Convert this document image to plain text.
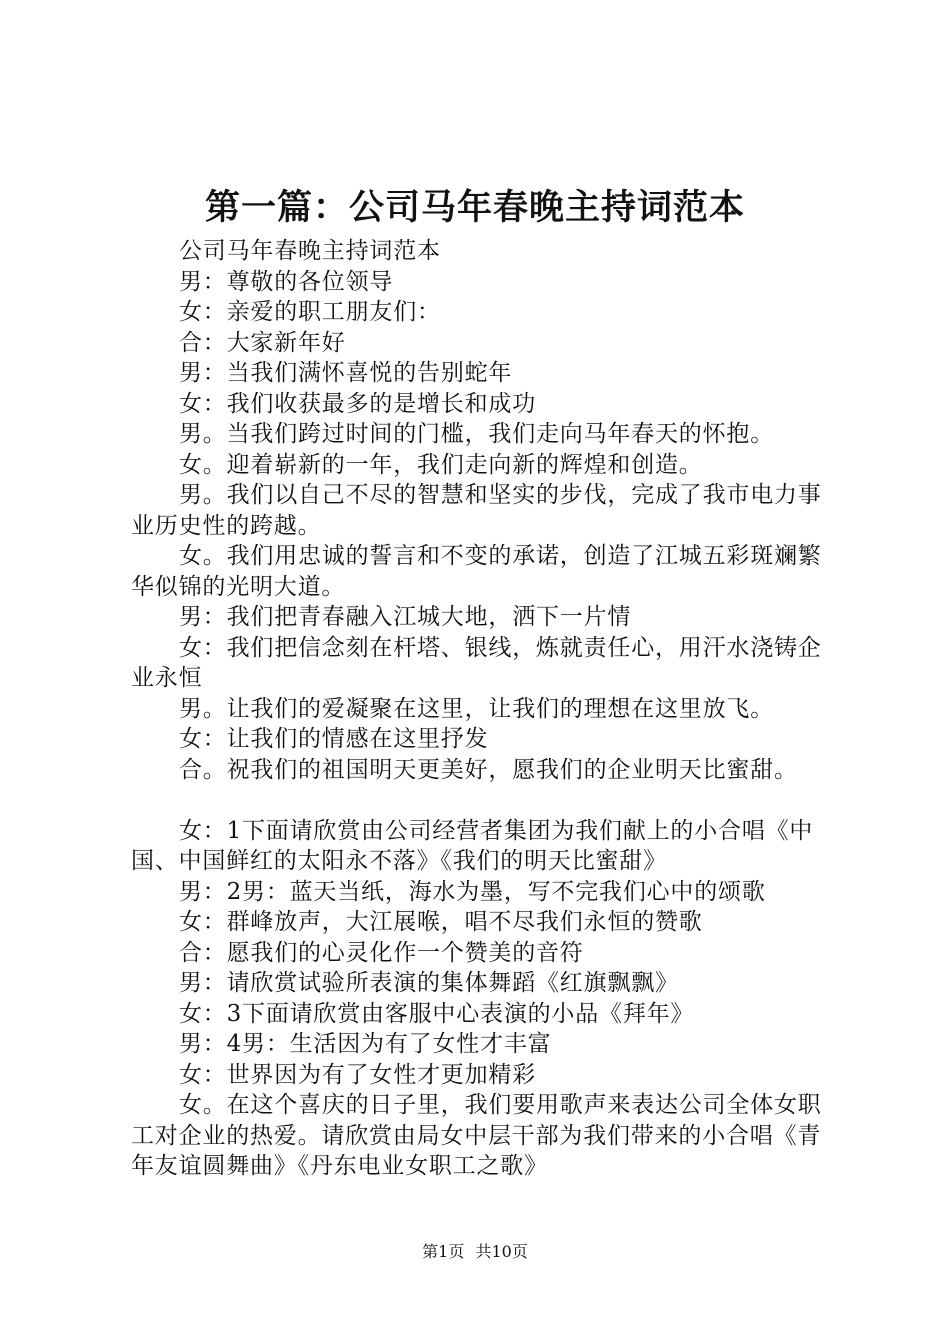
第一篇：公司马年春晚主持词范本

公司马年春晚主持词范本

男：尊敬的各位领导

女：亲爱的职工朋友们：

合：大家新年好

男：当我们满怀喜悦的告别蛇年

女：我们收获最多的是增长和成功

男。当我们跨过时间的门槛，我们走向马年春天的怀抱。

女。迎着崭新的一年，我们走向新的辉煌和创造。

男。我们以自己不尽的智慧和坚实的步伐，完成了我市电力事业历史性的跨越。

女。我们用忠诚的誓言和不变的承诺，创造了江城五彩斑斓繁华似锦的光明大道。

男：我们把青春融入江城大地，洒下一片情

女：我们把信念刻在杆塔、银线，炼就责任心，用汗水浇铸企业永恒

男。让我们的爱凝聚在这里，让我们的理想在这里放飞。

女：让我们的情感在这里抒发

合。祝我们的祖国明天更美好，愿我们的企业明天比蜜甜。

女：1下面请欣赏由公司经营者集团为我们献上的小合唱《中国、中国鲜红的太阳永不落》《我们的明天比蜜甜》

男：2男：蓝天当纸，海水为墨，写不完我们心中的颂歌

女：群峰放声，大江展喉，唱不尽我们永恒的赞歌

合：愿我们的心灵化作一个赞美的音符

男：请欣赏试验所表演的集体舞蹈《红旗飘飘》

女：3下面请欣赏由客服中心表演的小品《拜年》

男：4男：生活因为有了女性才丰富

女：世界因为有了女性才更加精彩

女。在这个喜庆的日子里，我们要用歌声来表达公司全体女职工对企业的热爱。请欣赏由局女中层干部为我们带来的小合唱《青年友谊圆舞曲》《丹东电业女职工之歌》

第1页 共10页
